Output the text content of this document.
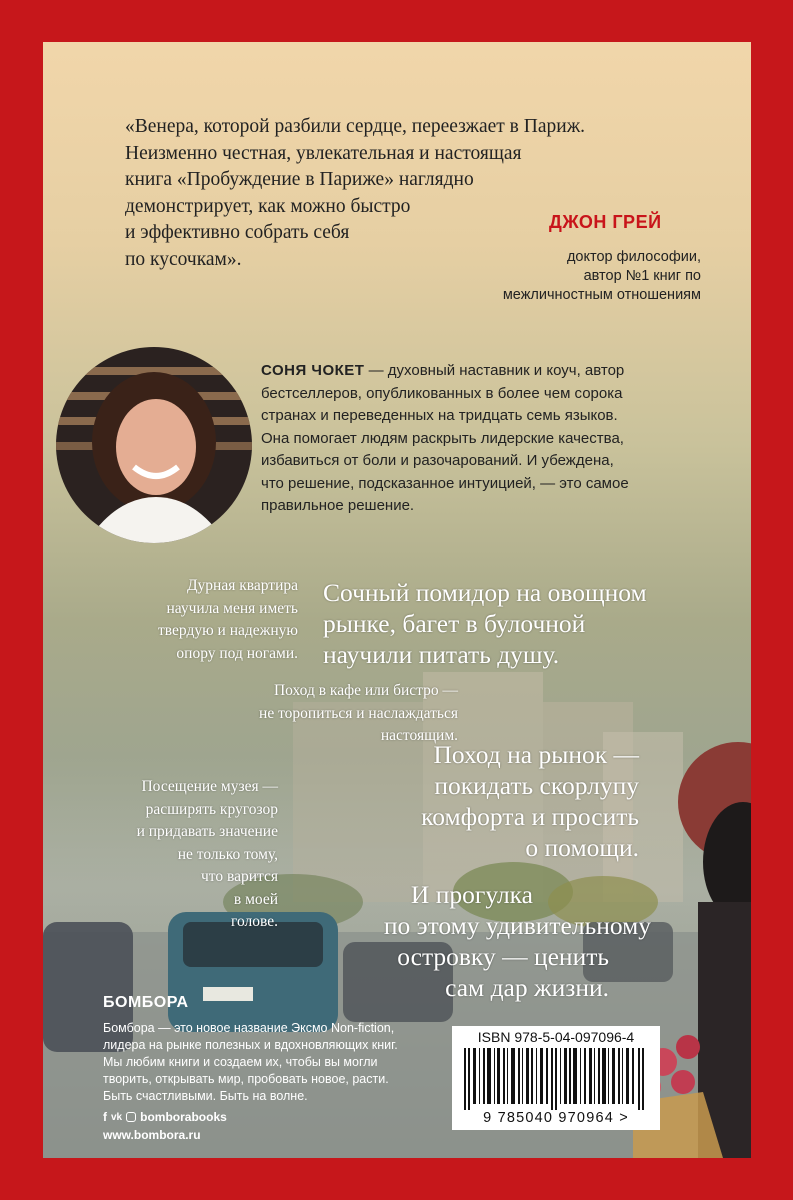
«Венера, которой разбили сердце, переезжает в Париж.
Неизменно честная, увлекательная и настоящая
книга «Пробуждение в Париже» наглядно
демонстрирует, как можно быстро
и эффективно собрать себя
по кусочкам».
ДЖОН ГРЕЙ
доктор философии,
автор №1 книг по
межличностным отношениям
СОНЯ ЧОКЕТ — духовный наставник и коуч, автор
бестселлеров, опубликованных в более чем сорока
странах и переведенных на тридцать семь языков.
Она помогает людям раскрыть лидерские качества,
избавиться от боли и разочарований. И убеждена,
что решение, подсказанное интуицией, — это самое
правильное решение.
Дурная квартира
научила меня иметь
твердую и надежную
опору под ногами.
Сочный помидор на овощном
рынке, багет в булочной
научили питать душу.
Поход в кафе или бистро —
не торопиться и наслаждаться
настоящим.
Поход на рынок —
покидать скорлупу
комфорта и просить
о помощи.
Посещение музея —
расширять кругозор
и придавать значение
не только тому,
что варится
в моей
голове.
И прогулка
по этому удивительному
островку — ценить
сам дар жизни.
БОМБОРА
Бомбора — это новое название Эксмо Non-fiction,
лидера на рынке полезных и вдохновляющих книг.
Мы любим книги и создаем их, чтобы вы могли
творить, открывать мир, пробовать новое, расти.
Быть счастливыми. Быть на волне.
f vk bomborabooks
www.bombora.ru
ISBN 978-5-04-097096-4
9 785040 970964 >
